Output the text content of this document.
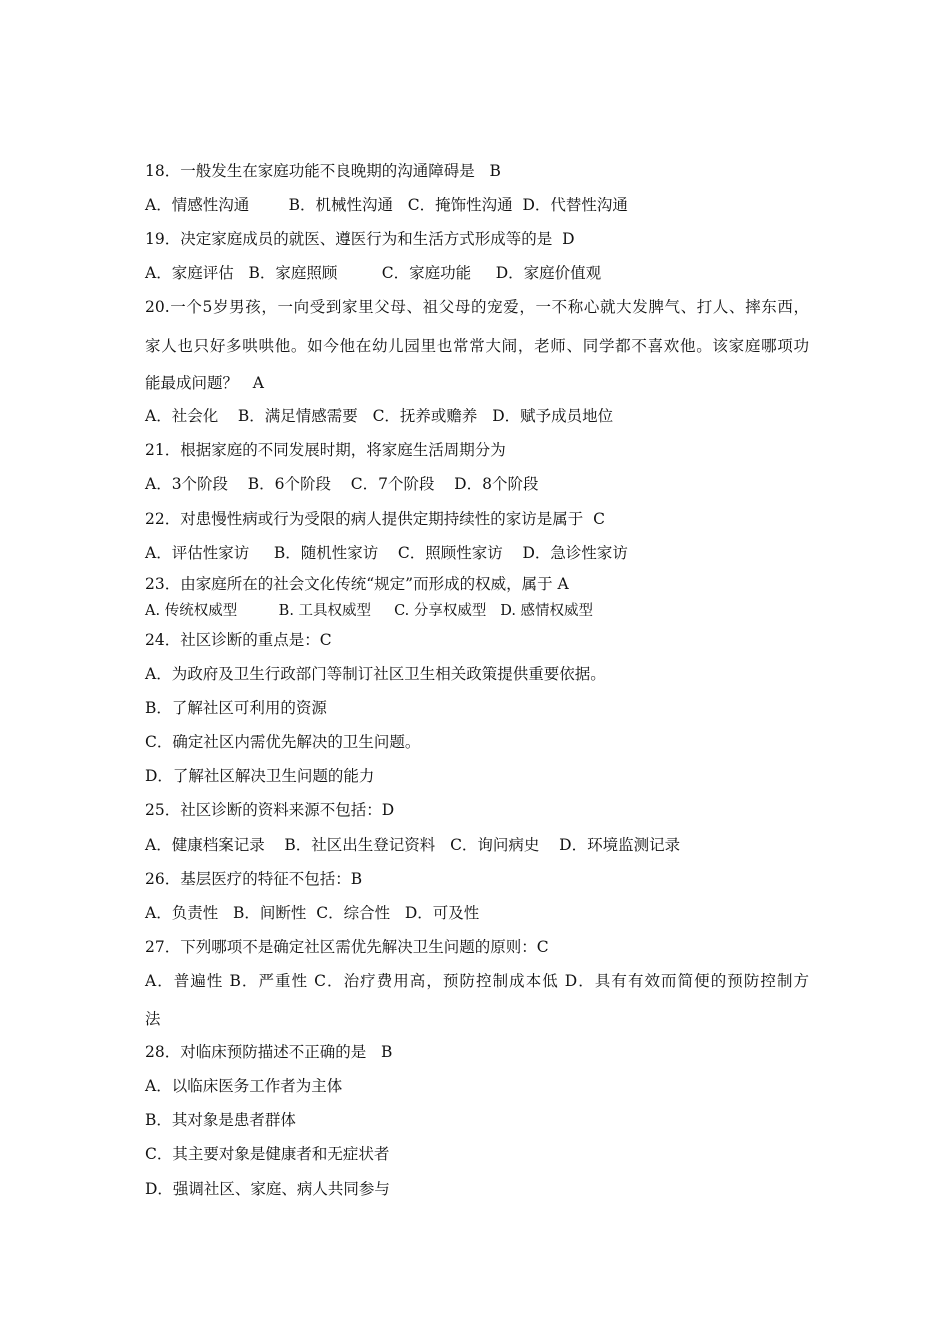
18．一般发生在家庭功能不良晚期的沟通障碍是   B
A．情感性沟通        B．机械性沟通   C．掩饰性沟通  D．代替性沟通
19．决定家庭成员的就医、遵医行为和生活方式形成等的是  D
A．家庭评估   B．家庭照顾         C．家庭功能     D．家庭价值观
20.一个5岁男孩，一向受到家里父母、祖父母的宠爱，一不称心就大发脾气、打人、摔东西，
家人也只好多哄哄他。如今他在幼儿园里也常常大闹，老师、同学都不喜欢他。该家庭哪项功
能最成问题？   A
A．社会化    B．满足情感需要   C．抚养或赡养   D．赋予成员地位
21．根据家庭的不同发展时期，将家庭生活周期分为
A．3个阶段    B．6个阶段    C．7个阶段    D．8个阶段
22．对患慢性病或行为受限的病人提供定期持续性的家访是属于  C
A．评估性家访     B．随机性家访    C．照顾性家访    D．急诊性家访
23．由家庭所在的社会文化传统“规定”而形成的权威，属于 A
A. 传统权威型         B. 工具权威型     C. 分享权威型   D. 感情权威型
24．社区诊断的重点是：C
A．为政府及卫生行政部门等制订社区卫生相关政策提供重要依据。
B．了解社区可利用的资源
C．确定社区内需优先解决的卫生问题。
D．了解社区解决卫生问题的能力
25．社区诊断的资料来源不包括：D
A．健康档案记录    B．社区出生登记资料   C．询问病史    D．环境监测记录
26．基层医疗的特征不包括：B
A．负责性   B．间断性  C．综合性   D．可及性
27．下列哪项不是确定社区需优先解决卫生问题的原则：C
A．普遍性 B．严重性 C．治疗费用高，预防控制成本低 D．具有有效而简便的预防控制方
法
28．对临床预防描述不正确的是   B
A．以临床医务工作者为主体
B．其对象是患者群体
C．其主要对象是健康者和无症状者
D．强调社区、家庭、病人共同参与
